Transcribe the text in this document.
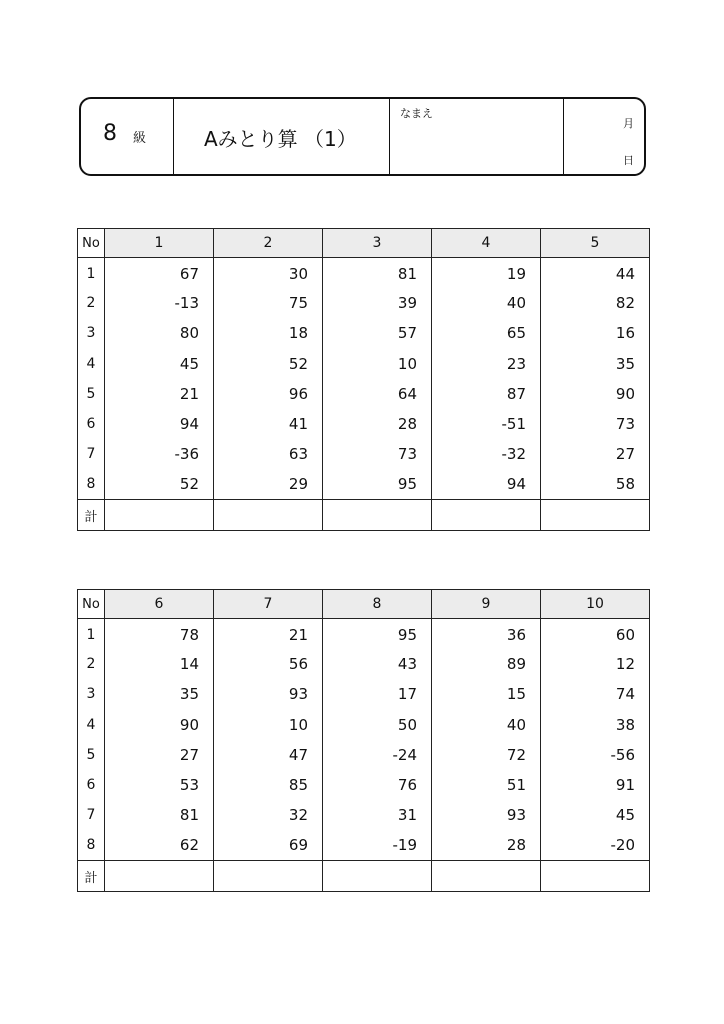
8 級	Aみとり算 （1）
なまえ
月
日
No	1	2	3	4	5
1	67	30	81	19	44
2	-13	75	39	40	82
3	80	18	57	65	16
4	45	52	10	23	35
5	21	96	64	87	90
6	94	41	28	-51	73
7	-36	63	73	-32	27
8	52	29	95	94	58
計					
No	6	7	8	9	10
1	78	21	95	36	60
2	14	56	43	89	12
3	35	93	17	15	74
4	90	10	50	40	38
5	27	47	-24	72	-56
6	53	85	76	51	91
7	81	32	31	93	45
8	62	69	-19	28	-20
計					
